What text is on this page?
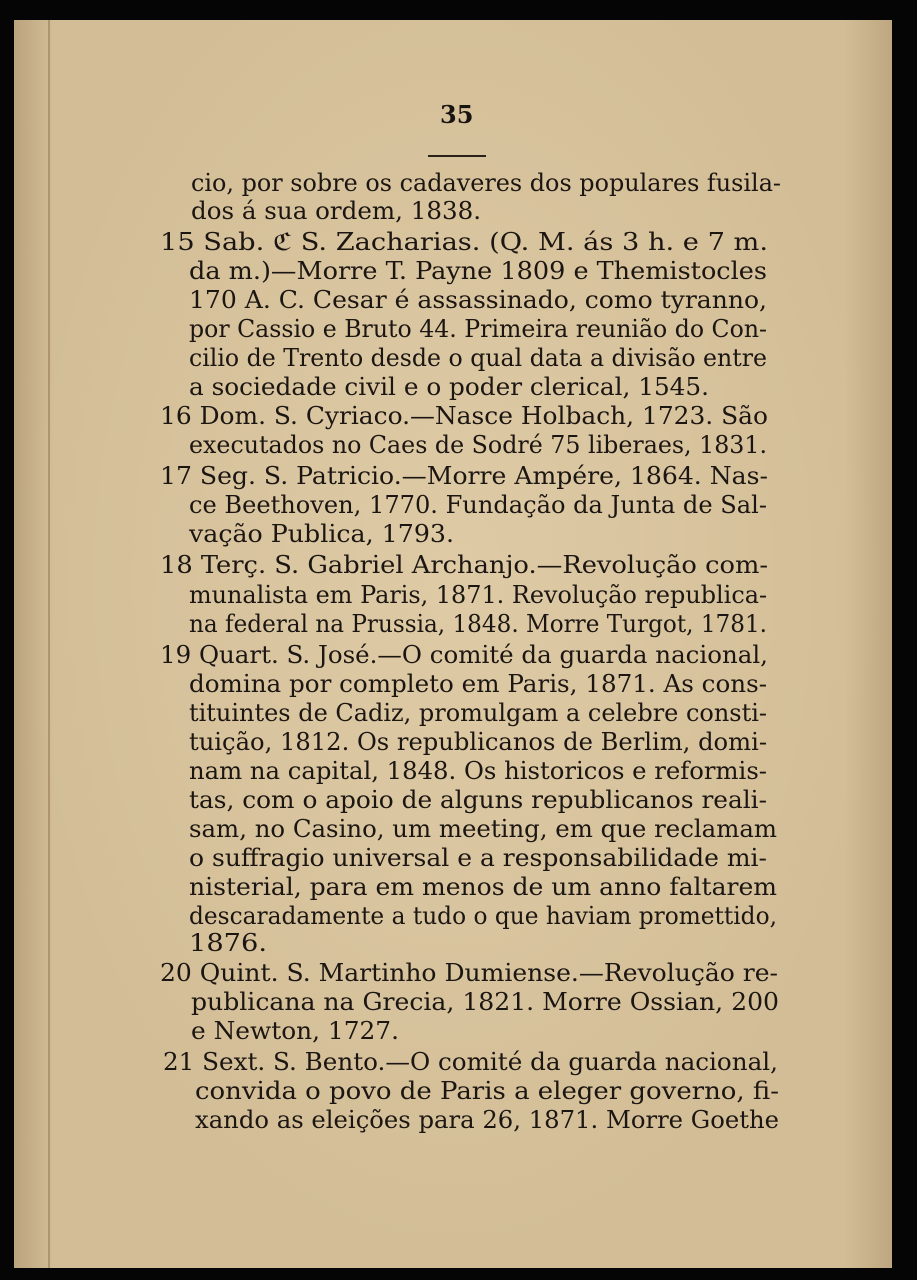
35
cio, por sobre os cadaveres dos populares fusila-
dos á sua ordem, 1838.
15 Sab. ℭ S. Zacharias. (Q. M. ás 3 h. e 7 m.
da m.)—Morre T. Payne 1809 e Themistocles
170 A. C. Cesar é assassinado, como tyranno,
por Cassio e Bruto 44. Primeira reunião do Con-
cilio de Trento desde o qual data a divisão entre
a sociedade civil e o poder clerical, 1545.
16 Dom. S. Cyriaco.—Nasce Holbach, 1723. São
executados no Caes de Sodré 75 liberaes, 1831.
17 Seg. S. Patricio.—Morre Ampére, 1864. Nas-
ce Beethoven, 1770. Fundação da Junta de Sal-
vação Publica, 1793.
18 Terç. S. Gabriel Archanjo.—Revolução com-
munalista em Paris, 1871. Revolução republica-
na federal na Prussia, 1848. Morre Turgot, 1781.
19 Quart. S. José.—O comité da guarda nacional,
domina por completo em Paris, 1871. As cons-
tituintes de Cadiz, promulgam a celebre consti-
tuição, 1812. Os republicanos de Berlim, domi-
nam na capital, 1848. Os historicos e reformis-
tas, com o apoio de alguns republicanos reali-
sam, no Casino, um meeting, em que reclamam
o suffragio universal e a responsabilidade mi-
nisterial, para em menos de um anno faltarem
descaradamente a tudo o que haviam promettido,
1876.
20 Quint. S. Martinho Dumiense.—Revolução re-
publicana na Grecia, 1821. Morre Ossian, 200
e Newton, 1727.
21 Sext. S. Bento.—O comité da guarda nacional,
convida o povo de Paris a eleger governo, fi-
xando as eleições para 26, 1871. Morre Goethe
